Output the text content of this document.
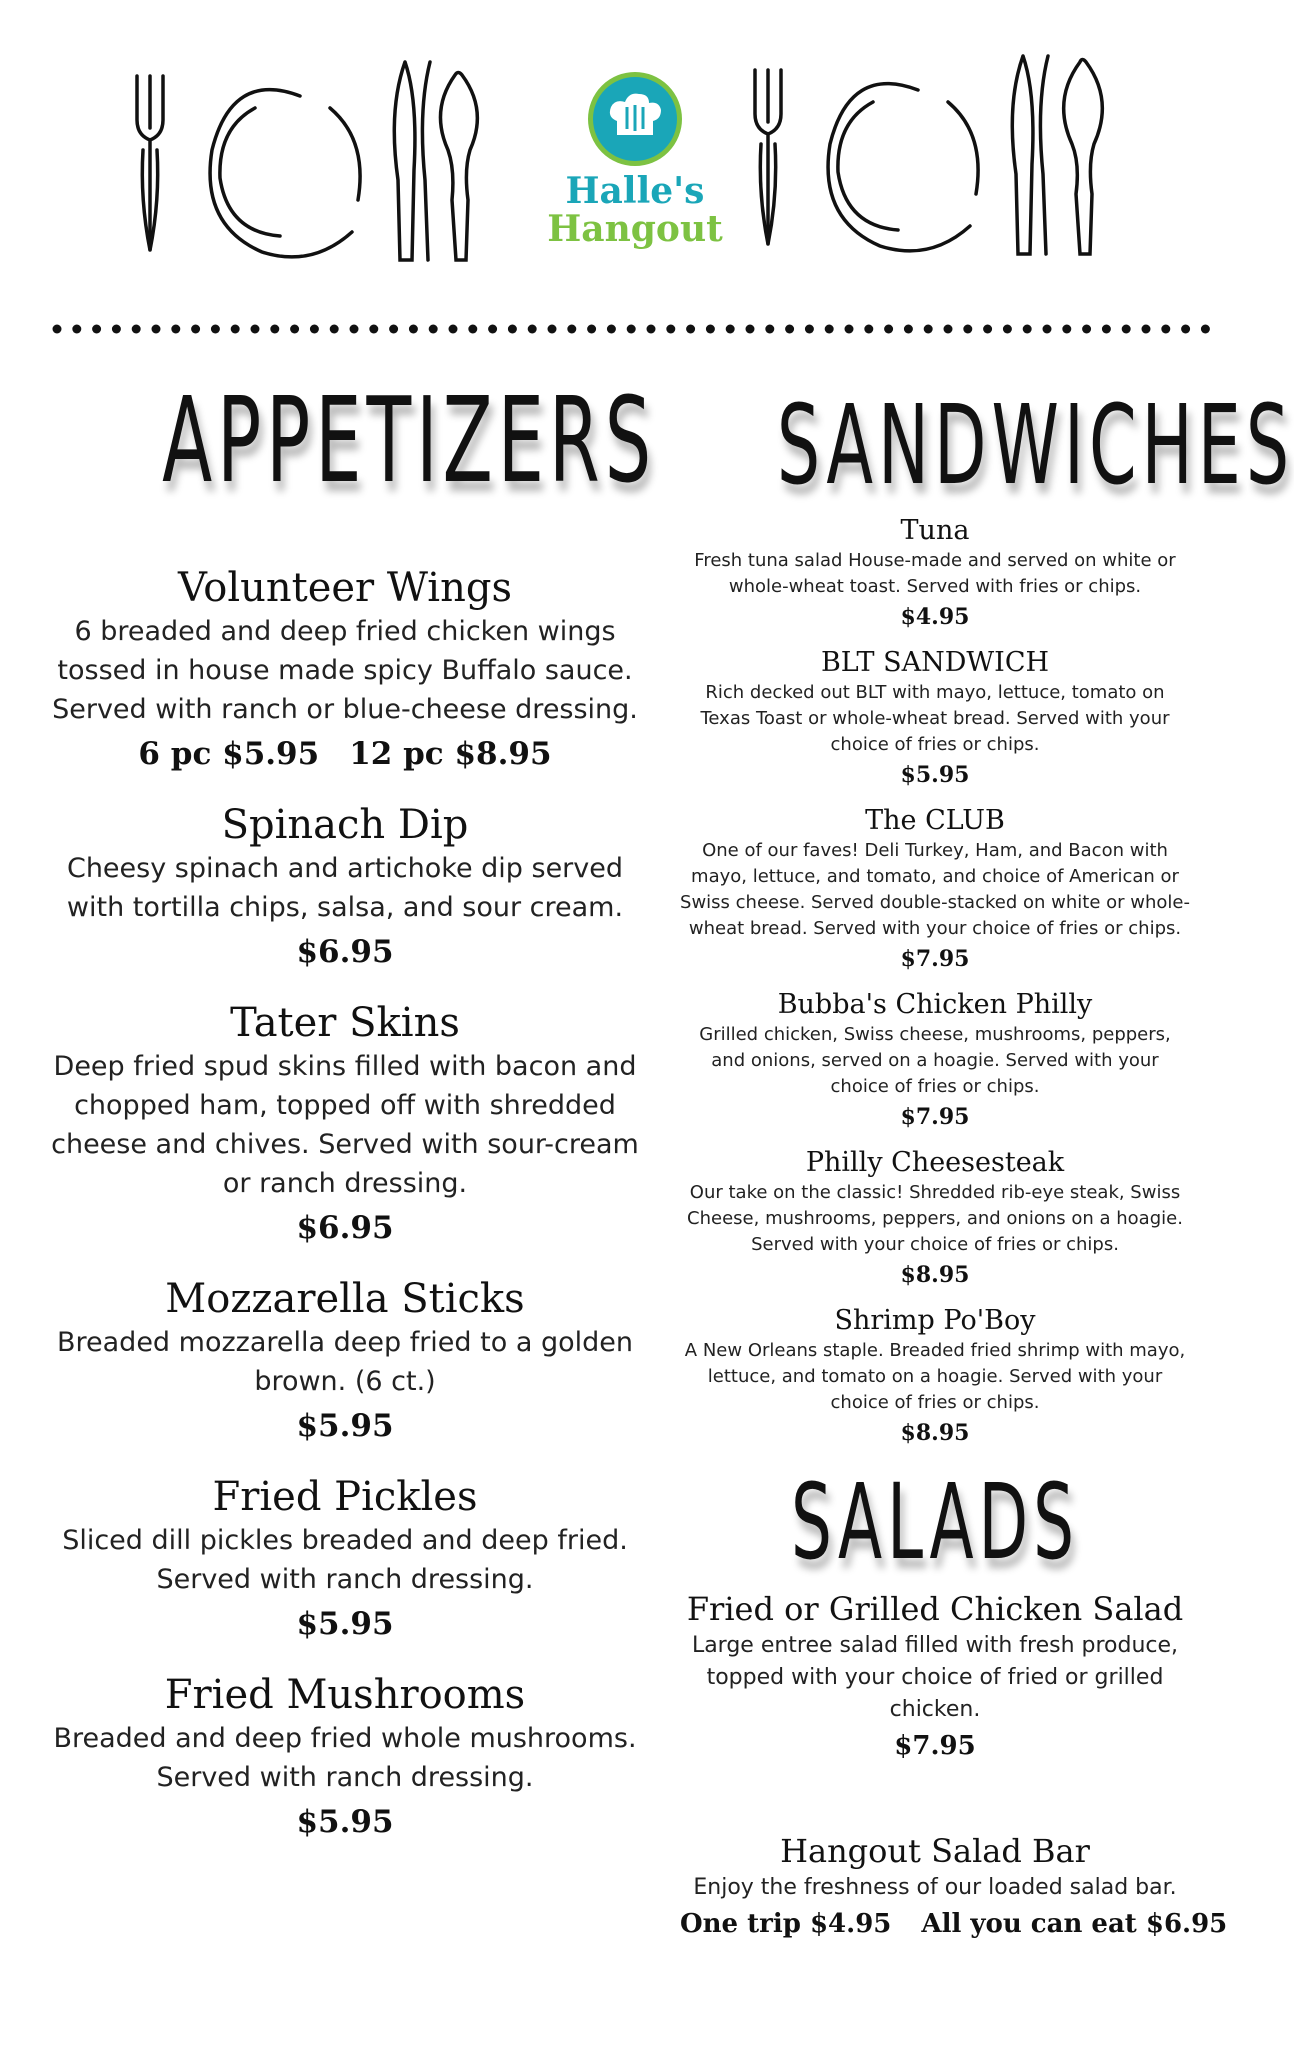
Halle's
Hangout
APPETIZERS
Volunteer Wings
6 breaded and deep fried chicken wings tossed in house made spicy Buffalo sauce. Served with ranch or blue-cheese dressing.
6 pc $5.95 12 pc $8.95
Spinach Dip
Cheesy spinach and artichoke dip served with tortilla chips, salsa, and sour cream.
$6.95
Tater Skins
Deep fried spud skins filled with bacon and chopped ham, topped off with shredded cheese and chives. Served with sour-cream or ranch dressing.
$6.95
Mozzarella Sticks
Breaded mozzarella deep fried to a golden brown. (6 ct.)
$5.95
Fried Pickles
Sliced dill pickles breaded and deep fried. Served with ranch dressing.
$5.95
Fried Mushrooms
Breaded and deep fried whole mushrooms. Served with ranch dressing.
$5.95
SANDWICHES
Tuna
Fresh tuna salad House-made and served on white or whole-wheat toast. Served with fries or chips.
$4.95
BLT SANDWICH
Rich decked out BLT with mayo, lettuce, tomato on Texas Toast or whole-wheat bread. Served with your choice of fries or chips.
$5.95
The CLUB
One of our faves! Deli Turkey, Ham, and Bacon with mayo, lettuce, and tomato, and choice of American or Swiss cheese. Served double-stacked on white or whole-wheat bread. Served with your choice of fries or chips.
$7.95
Bubba's Chicken Philly
Grilled chicken, Swiss cheese, mushrooms, peppers, and onions, served on a hoagie. Served with your choice of fries or chips.
$7.95
Philly Cheesesteak
Our take on the classic! Shredded rib-eye steak, Swiss Cheese, mushrooms, peppers, and onions on a hoagie. Served with your choice of fries or chips.
$8.95
Shrimp Po'Boy
A New Orleans staple. Breaded fried shrimp with mayo, lettuce, and tomato on a hoagie. Served with your choice of fries or chips.
$8.95
SALADS
Fried or Grilled Chicken Salad
Large entree salad filled with fresh produce, topped with your choice of fried or grilled chicken.
$7.95
Hangout Salad Bar
Enjoy the freshness of our loaded salad bar.
One trip $4.95 All you can eat $6.95
